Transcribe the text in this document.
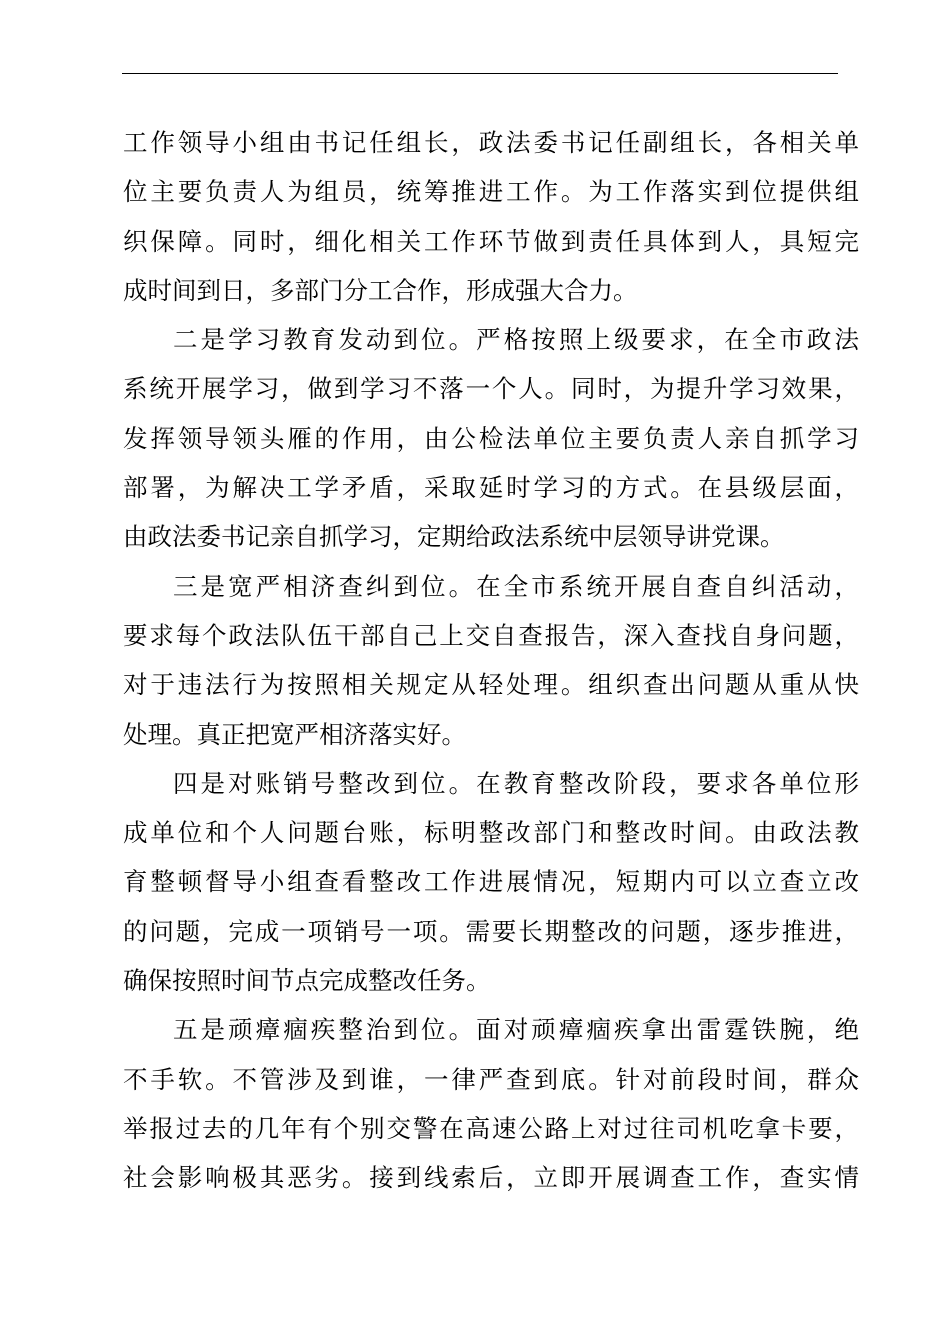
工作领导小组由书记任组长，政法委书记任副组长，各相关单
位主要负责人为组员，统筹推进工作。为工作落实到位提供组
织保障。同时，细化相关工作环节做到责任具体到人，具短完
成时间到日，多部门分工合作，形成强大合力。
二是学习教育发动到位。严格按照上级要求，在全市政法
系统开展学习，做到学习不落一个人。同时，为提升学习效果，
发挥领导领头雁的作用，由公检法单位主要负责人亲自抓学习
部署，为解决工学矛盾，采取延时学习的方式。在县级层面，
由政法委书记亲自抓学习，定期给政法系统中层领导讲党课。
三是宽严相济查纠到位。在全市系统开展自查自纠活动，
要求每个政法队伍干部自己上交自查报告，深入查找自身问题，
对于违法行为按照相关规定从轻处理。组织查出问题从重从快
处理。真正把宽严相济落实好。
四是对账销号整改到位。在教育整改阶段，要求各单位形
成单位和个人问题台账，标明整改部门和整改时间。由政法教
育整顿督导小组查看整改工作进展情况，短期内可以立查立改
的问题，完成一项销号一项。需要长期整改的问题，逐步推进，
确保按照时间节点完成整改任务。
五是顽瘴痼疾整治到位。面对顽瘴痼疾拿出雷霆铁腕，绝
不手软。不管涉及到谁，一律严查到底。针对前段时间，群众
举报过去的几年有个别交警在高速公路上对过往司机吃拿卡要，
社会影响极其恶劣。接到线索后，立即开展调查工作，查实情
